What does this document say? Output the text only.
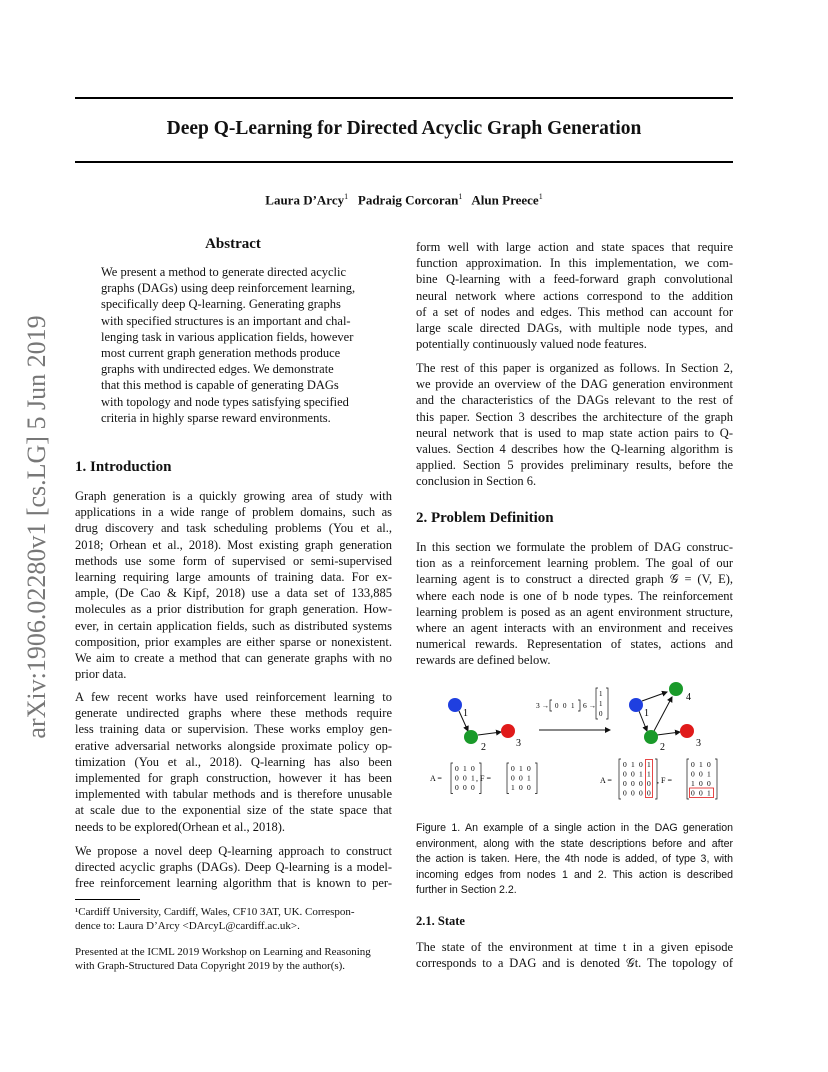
Deep Q-Learning for Directed Acyclic Graph Generation
Laura D’Arcy$^1$ Padraig Corcoran$^1$ Alun Preece$^1$
arXiv:1906.02280v1 [cs.LG] 5 Jun 2019
Abstract
We present a method to generate directed acyclic
graphs (DAGs) using deep reinforcement learning,
specifically deep Q-learning. Generating graphs
with specified structures is an important and chal-
lenging task in various application fields, however
most current graph generation methods produce
graphs with undirected edges. We demonstrate
that this method is capable of generating DAGs
with topology and node types satisfying specified
criteria in highly sparse reward environments.
1. Introduction
Graph generation is a quickly growing area of study with
applications in a wide range of problem domains, such as
drug discovery and task scheduling problems (You et al.,
2018; Orhean et al., 2018). Most existing graph generation
methods use some form of supervised or semi-supervised
learning requiring large amounts of training data. For ex-
ample, (De Cao & Kipf, 2018) use a data set of 133,885
molecules as a prior distribution for graph generation. How-
ever, in certain application fields, such as distributed systems
composition, prior examples are either sparse or nonexistent.
We aim to create a method that can generate graphs with no
prior data.
A few recent works have used reinforcement learning to
generate undirected graphs where these methods require
less training data or supervision. These works employ gen-
erative adversarial networks alongside proximate policy op-
timization (You et al., 2018). Q-learning has also been
implemented for graph construction, however it has been
implemented with tabular methods and is therefore unusable
at scale due to the exponential size of the state space that
needs to be explored(Orhean et al., 2018).
We propose a novel deep Q-learning approach to construct
directed acyclic graphs (DAGs). Deep Q-learning is a model-
free reinforcement learning algorithm that is known to per-
¹Cardiff University, Cardiff, Wales, CF10 3AT, UK. Correspon-
dence to: Laura D’Arcy <DArcyL@cardiff.ac.uk>.
Presented at the ICML 2019 Workshop on Learning and Reasoning
with Graph-Structured Data Copyright 2019 by the author(s).
form well with large action and state spaces that require
function approximation. In this implementation, we com-
bine Q-learning with a feed-forward graph convolutional
neural network where actions correspond to the addition
of a set of nodes and edges. This method can account for
large scale directed DAGs, with multiple node types, and
potentially continuously valued node features.
The rest of this paper is organized as follows. In Section 2,
we provide an overview of the DAG generation environment
and the characteristics of the DAGs relevant to the rest of
this paper. Section 3 describes the architecture of the graph
neural network that is used to map state action pairs to Q-
values. Section 4 describes how the Q-learning algorithm is
applied. Section 5 provides preliminary results, before the
conclusion in Section 6.
2. Problem Definition
In this section we formulate the problem of DAG construc-
tion as a reinforcement learning problem. The goal of our
learning agent is to construct a directed graph 𝒢 = (V, E),
where each node is one of b node types. The reinforcement
learning problem is posed as an agent environment structure,
where an agent interacts with an environment and receives
numerical rewards. Representation of states, actions and
rewards are defined below.
1
2	3
3 →	6 →
0 0 1
1
1
0	1
2	3
4
A =
0 1 0
0 0 1
0 0 0
, F =
0 1 0
0 0 1
1 0 0
A =
0 1 0 1
0 0 1 1
0 0 0 0
0 0 0 0
, F =
0 1 0
0 0 1
1 0 0
0 0 1
Figure 1. An example of a single action in the DAG generation
environment, along with the state descriptions before and after
the action is taken. Here, the 4th node is added, of type 3, with
incoming edges from nodes 1 and 2. This action is described
further in Section 2.2.
2.1. State
The state of the environment at time t in a given episode
corresponds to a DAG and is denoted 𝒢t. The topology of
